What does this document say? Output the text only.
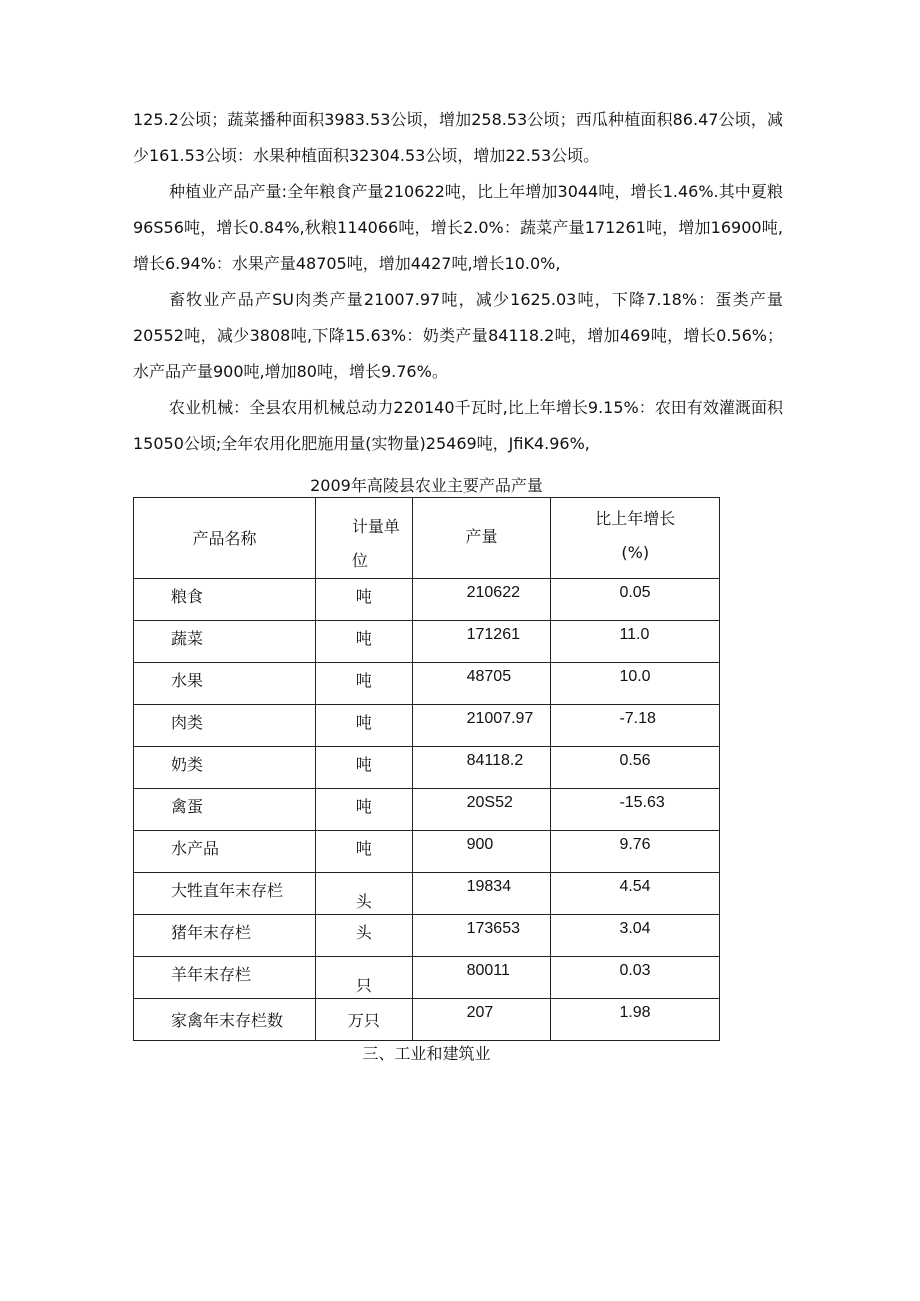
125.2公顷；蔬菜播种面积3983.53公顷，增加258.53公顷；西瓜种植面积86.47公顷，减少161.53公顷：水果种植面积32304.53公顷，增加22.53公顷。

种植业产品产量:全年粮食产量210622吨，比上年增加3044吨，增长1.46%.其中夏粮96S56吨，增长0.84%,秋粮114066吨，增长2.0%：蔬菜产量171261吨，增加16900吨,增长6.94%：水果产量48705吨，增加4427吨,增长10.0%,

畜牧业产品产SU肉类产量21007.97吨，减少1625.03吨，下降7.18%：蛋类产量20552吨，减少3808吨,下降15.63%：奶类产量84118.2吨，增加469吨，增长0.56%；水产品产量900吨,增加80吨，增长9.76%。

农业机械：全县农用机械总动力220140千瓦时,比上年增长9.15%：农田有效灌溉面积15050公顷;全年农用化肥施用量(实物量)25469吨，JfiK4.96%,

2009年高陵县农业主要产品产量
产品名称	计量单位	产量	比上年增长
(%)

粮食	吨	210622	0.05

蔬菜	吨	171261	11.0

水果	吨	48705	10.0

肉类	吨	21007.97	-7.18

奶类	吨	84118.2	0.56

禽蛋	吨	20S52	-15.63

水产品	吨	900	9.76

大牲直年末存栏	头	19834	4.54

猪年末存栏	头	173653	3.04

羊年末存栏	只	80011	0.03

家禽年末存栏数	万只	207	1.98
三、工业和建筑业
